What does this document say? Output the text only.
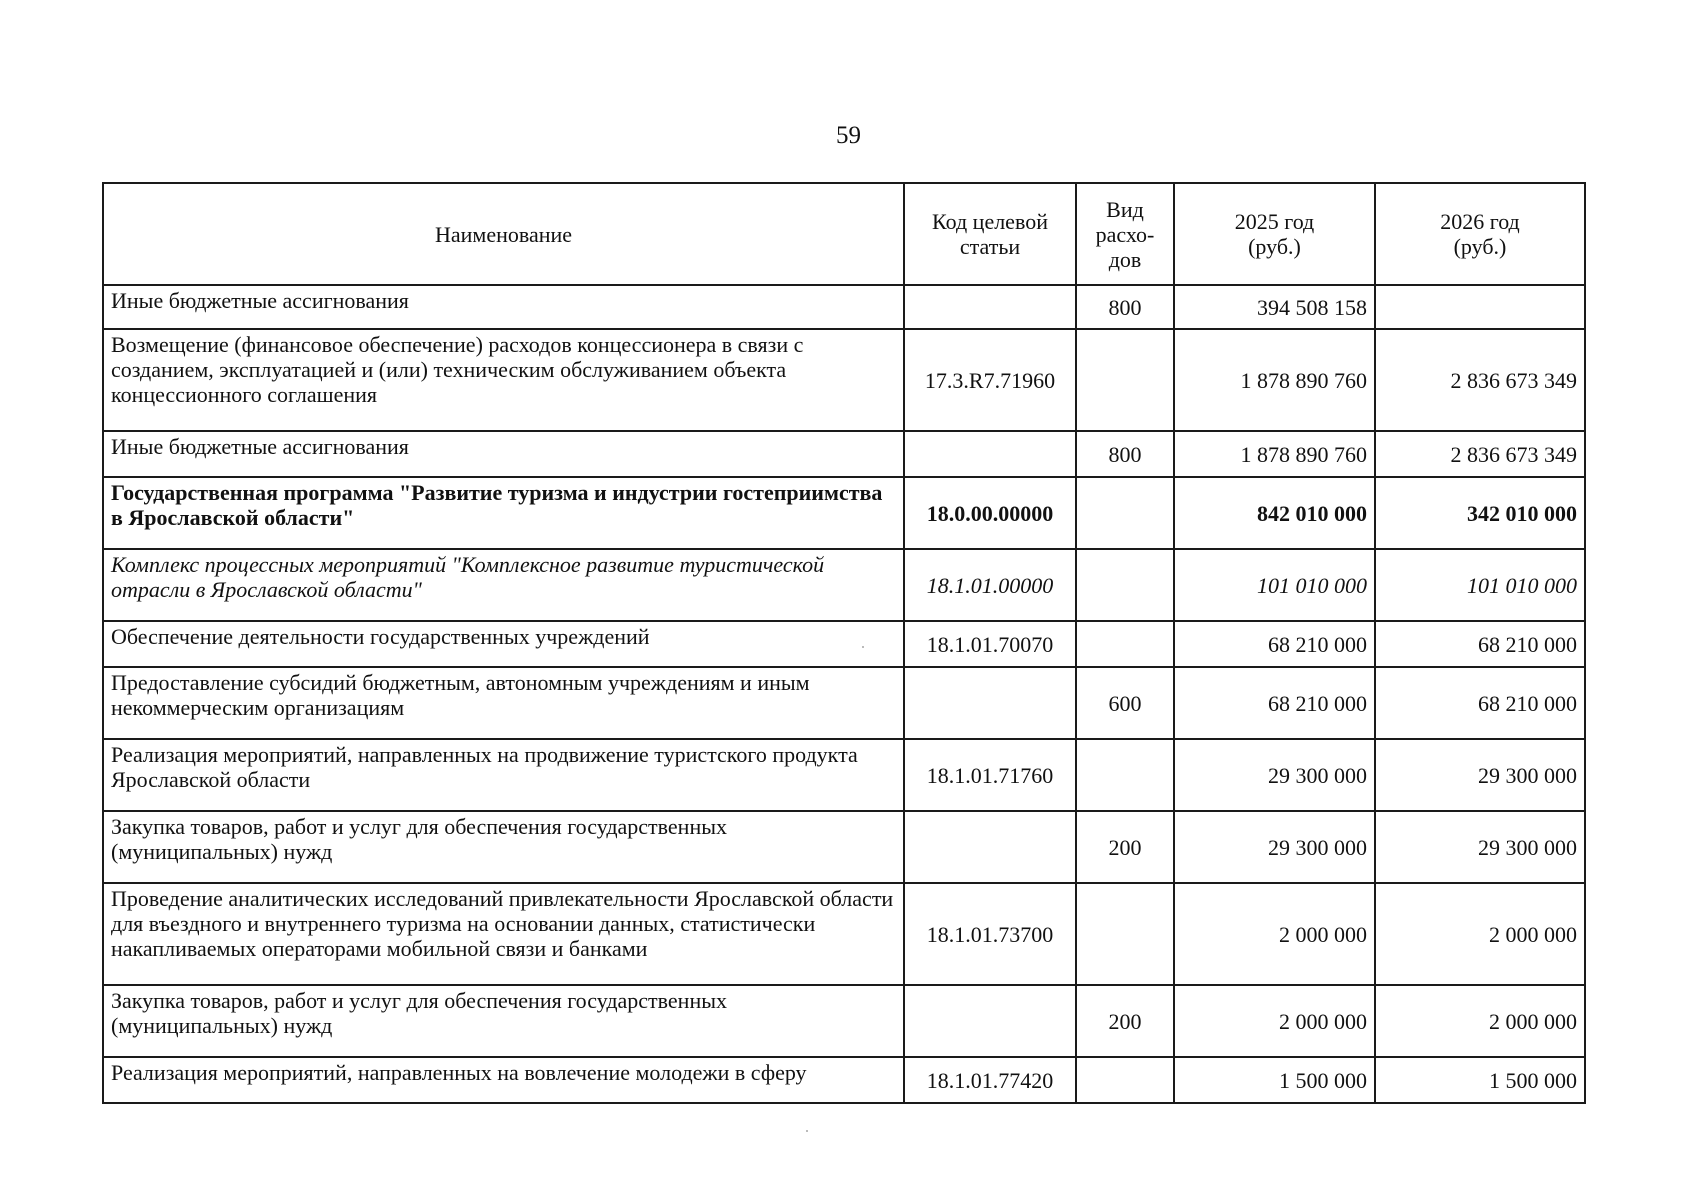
59
Наименование	Код целевой статьи	Вид расхо-дов	2025 год (руб.)	2026 год (руб.)
Иные бюджетные ассигнования		800	394 508 158	
Возмещение (финансовое обеспечение) расходов концессионера в связи с созданием, эксплуатацией и (или) техническим обслуживанием объекта концессионного соглашения	17.3.R7.71960		1 878 890 760	2 836 673 349
Иные бюджетные ассигнования		800	1 878 890 760	2 836 673 349
Государственная программа "Развитие туризма и индустрии гостеприимства в Ярославской области"	18.0.00.00000		842 010 000	342 010 000
Комплекс процессных мероприятий "Комплексное развитие туристической отрасли в Ярославской области"	18.1.01.00000		101 010 000	101 010 000
Обеспечение деятельности государственных учреждений	18.1.01.70070		68 210 000	68 210 000
Предоставление субсидий бюджетным, автономным учреждениям и иным некоммерческим организациям		600	68 210 000	68 210 000
Реализация мероприятий, направленных на продвижение туристского продукта Ярославской области	18.1.01.71760		29 300 000	29 300 000
Закупка товаров, работ и услуг для обеспечения государственных (муниципальных) нужд		200	29 300 000	29 300 000
Проведение аналитических исследований привлекательности Ярославской области для въездного и внутреннего туризма на основании данных, статистически накапливаемых операторами мобильной связи и банками	18.1.01.73700		2 000 000	2 000 000
Закупка товаров, работ и услуг для обеспечения государственных (муниципальных) нужд		200	2 000 000	2 000 000
Реализация мероприятий, направленных на вовлечение молодежи в сферу	18.1.01.77420		1 500 000	1 500 000
